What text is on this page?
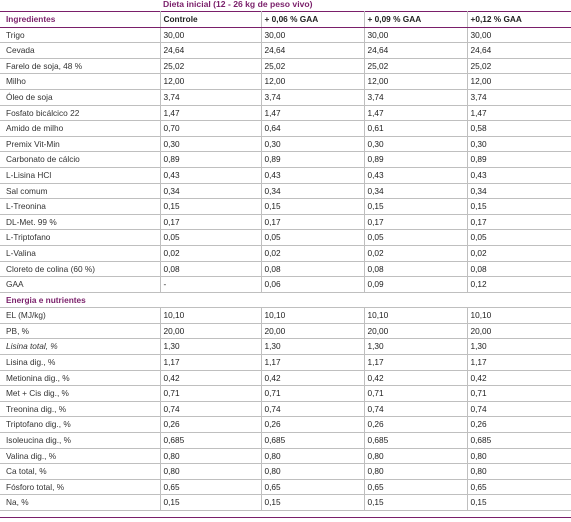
Dieta inicial (12 - 26 kg de peso vivo)
Ingredientes	Controle	+ 0,06 % GAA	+ 0,09 % GAA	+0,12 % GAA
Trigo	30,00	30,00	30,00	30,00
Cevada	24,64	24,64	24,64	24,64
Farelo de soja, 48 %	25,02	25,02	25,02	25,02
Milho	12,00	12,00	12,00	12,00
Óleo de soja	3,74	3,74	3,74	3,74
Fosfato bicálcico 22	1,47	1,47	1,47	1,47
Amido de milho	0,70	0,64	0,61	0,58
Premix Vit-Min	0,30	0,30	0,30	0,30
Carbonato de cálcio	0,89	0,89	0,89	0,89
L-Lisina HCl	0,43	0,43	0,43	0,43
Sal comum	0,34	0,34	0,34	0,34
L-Treonina	0,15	0,15	0,15	0,15
DL-Met. 99 %	0,17	0,17	0,17	0,17
L-Triptofano	0,05	0,05	0,05	0,05
L-Valina	0,02	0,02	0,02	0,02
Cloreto de colina (60 %)	0,08	0,08	0,08	0,08
GAA	-	0,06	0,09	0,12
Energia e nutrientes				
EL (MJ/kg)	10,10	10,10	10,10	10,10
PB, %	20,00	20,00	20,00	20,00
Lisina total, %	1,30	1,30	1,30	1,30
Lisina dig., %	1,17	1,17	1,17	1,17
Metionina dig., %	0,42	0,42	0,42	0,42
Met + Cis dig., %	0,71	0,71	0,71	0,71
Treonina dig., %	0,74	0,74	0,74	0,74
Triptofano dig., %	0,26	0,26	0,26	0,26
Isoleucina dig., %	0,685	0,685	0,685	0,685
Valina dig., %	0,80	0,80	0,80	0,80
Ca total, %	0,80	0,80	0,80	0,80
Fósforo total, %	0,65	0,65	0,65	0,65
Na, %	0,15	0,15	0,15	0,15
